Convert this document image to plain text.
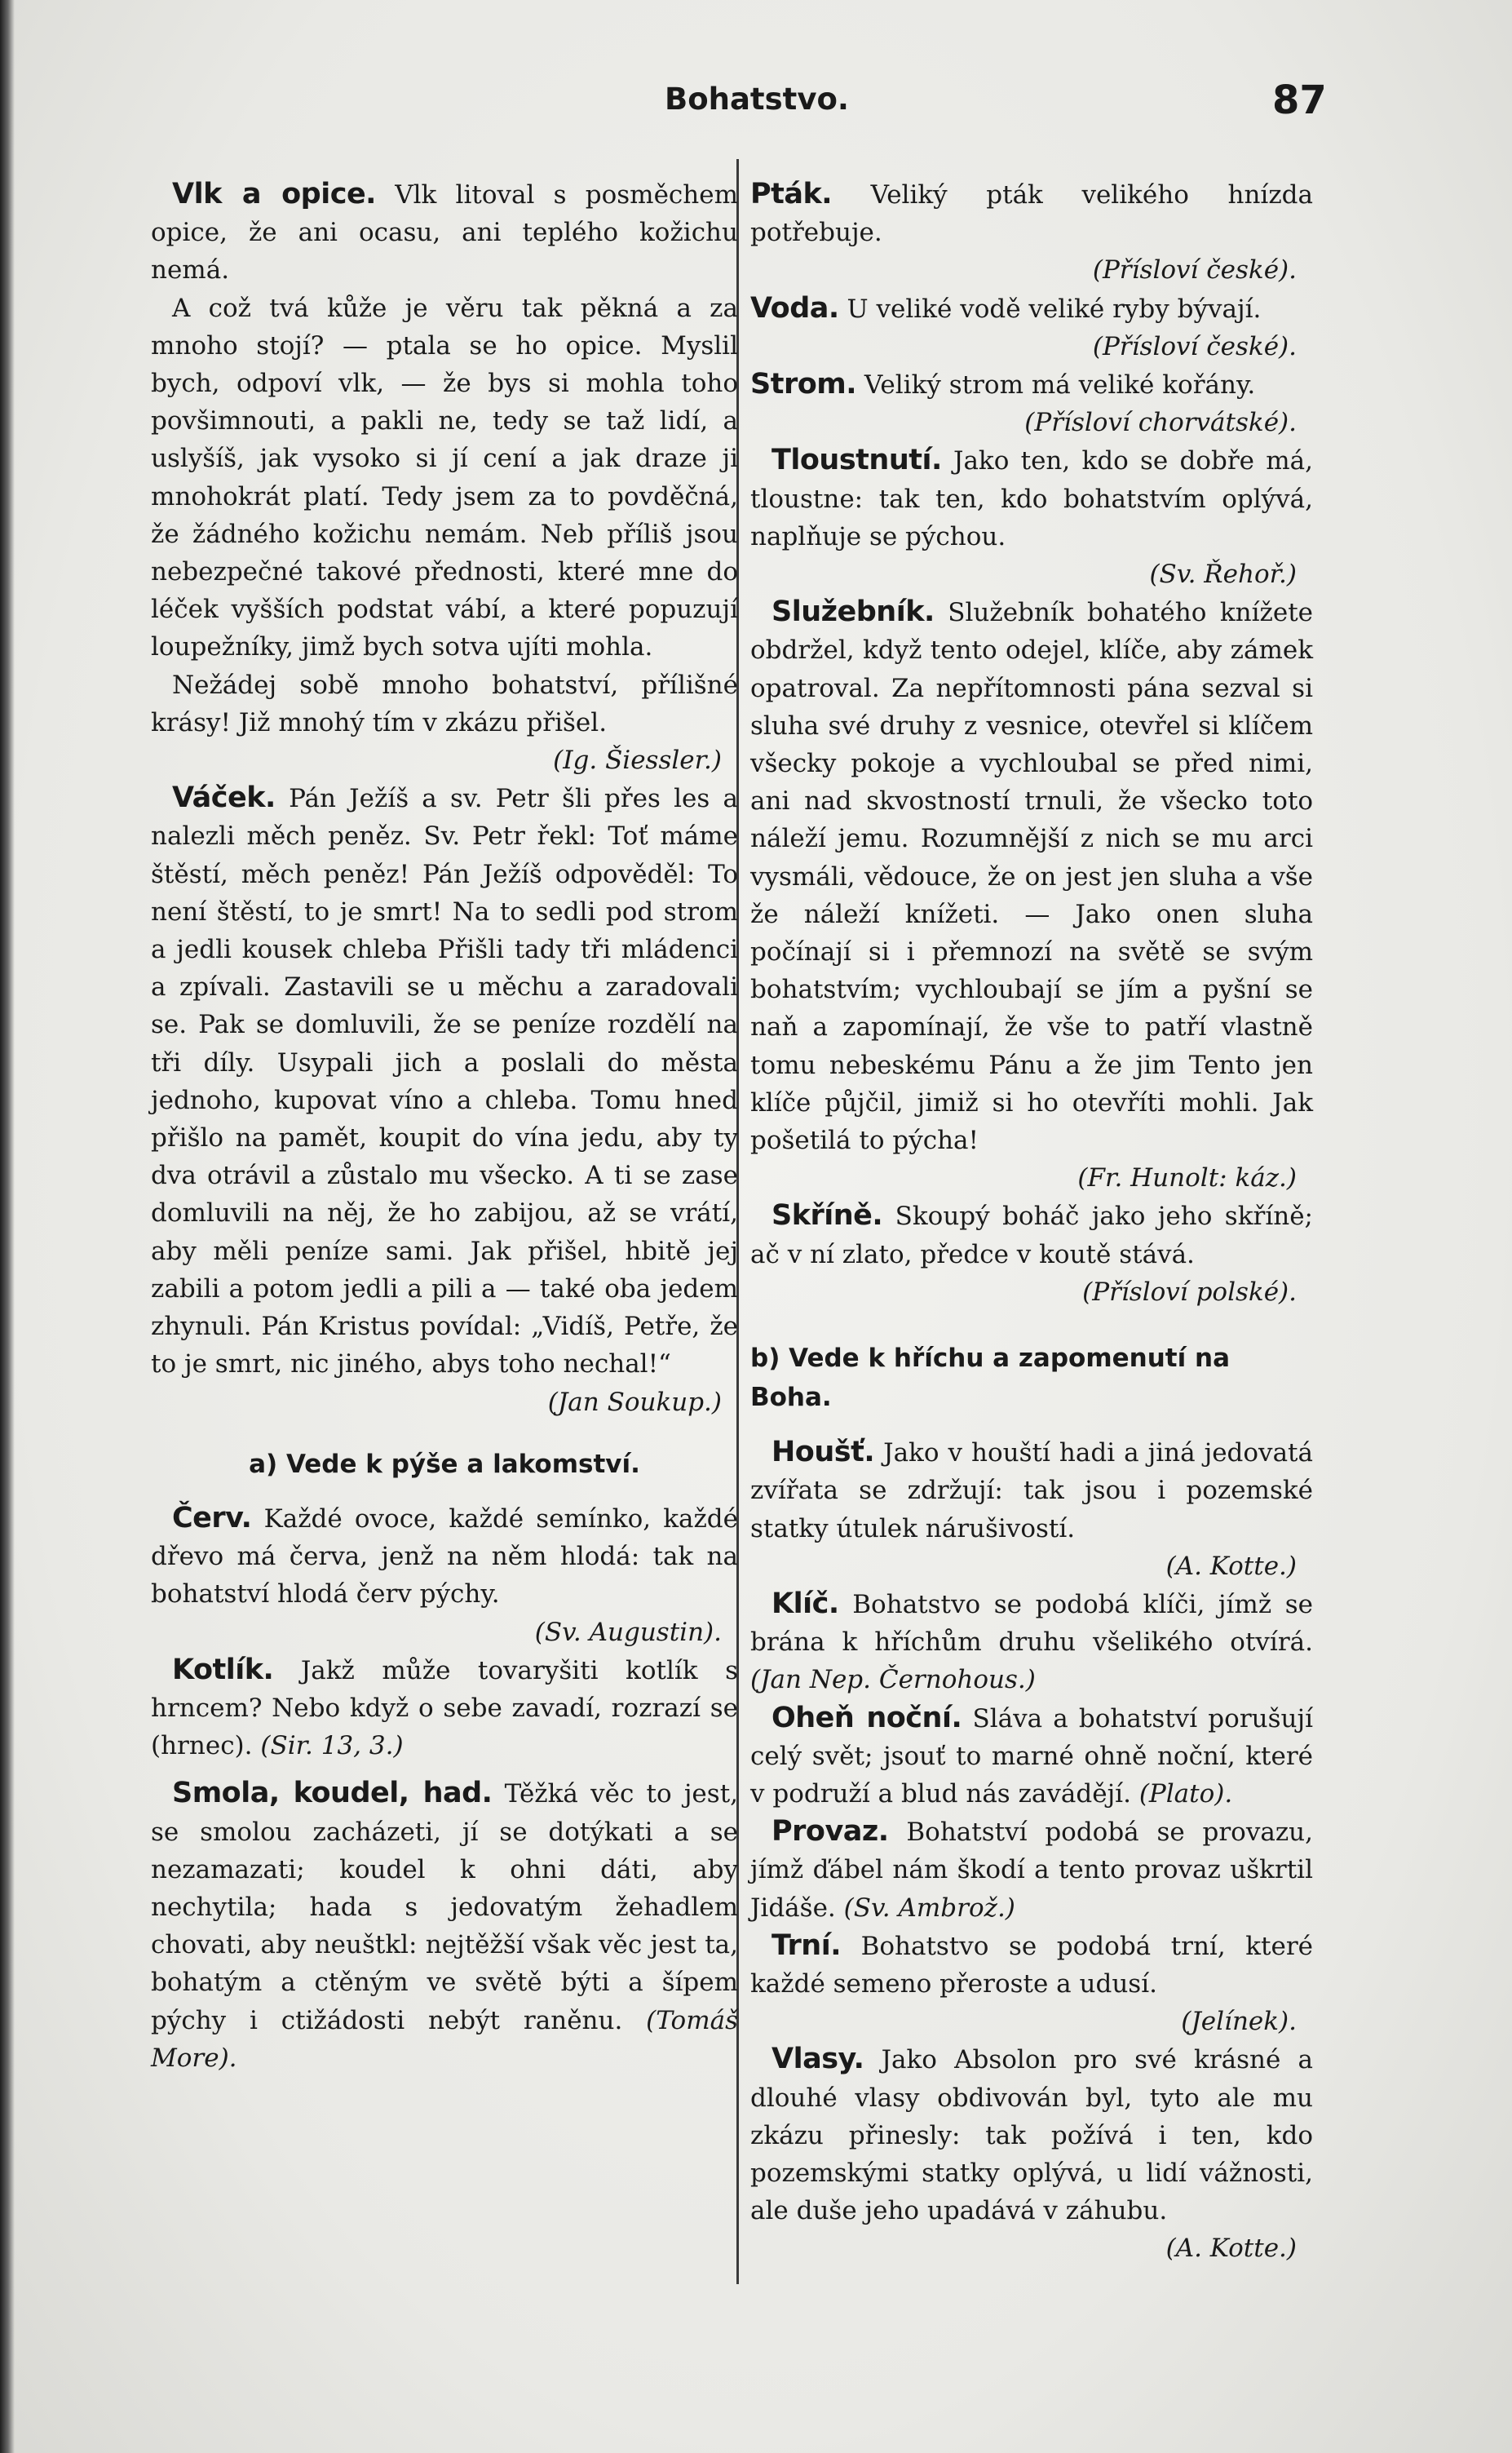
Bohatstvo.	87

Vlk a opice. Vlk litoval s posměchem opice, že ani ocasu, ani teplého kožichu nemá.

A což tvá kůže je věru tak pěkná a za mnoho stojí? — ptala se ho opice. Myslil bych, odpoví vlk, — že bys si mohla toho povšimnouti, a pakli ne, tedy se taž lidí, a uslyšíš, jak vysoko si jí cení a jak draze ji mnohokrát platí. Tedy jsem za to povděčná, že žádného kožichu nemám. Neb příliš jsou nebezpečné takové přednosti, které mne do léček vyšších podstat vábí, a které popuzují loupežníky, jimž bych sotva ujíti mohla.

Nežádej sobě mnoho bohatství, přílišné krásy! Již mnohý tím v zkázu přišel.

(Ig. Šiessler.)

Váček. Pán Ježíš a sv. Petr šli přes les a nalezli měch peněz. Sv. Petr řekl: Toť máme štěstí, měch peněz! Pán Ježíš odpověděl: To není štěstí, to je smrt! Na to sedli pod strom a jedli kousek chleba Přišli tady tři mládenci a zpívali. Zastavili se u měchu a zaradovali se. Pak se domluvili, že se peníze rozdělí na tři díly. Usypali jich a poslali do města jednoho, kupovat víno a chleba. Tomu hned přišlo na pamět, koupit do vína jedu, aby ty dva otrávil a zůstalo mu všecko. A ti se zase domluvili na něj, že ho zabijou, až se vrátí, aby měli peníze sami. Jak přišel, hbitě jej zabili a potom jedli a pili a — také oba jedem zhynuli. Pán Kristus povídal: „Vidíš, Petře, že to je smrt, nic jiného, abys toho nechal!“

(Jan Soukup.)

a) Vede k pýše a lakomství.

Červ. Každé ovoce, každé semínko, každé dřevo má červa, jenž na něm hlodá: tak na bohatství hlodá červ pýchy.

(Sv. Augustin).

Kotlík. Jakž může tovaryšiti kotlík s hrncem? Nebo když o sebe zavadí, rozrazí se (hrnec). (Sir. 13, 3.)

Smola, koudel, had. Těžká věc to jest, se smolou zacházeti, jí se dotýkati a se nezamazati; koudel k ohni dáti, aby nechytila; hada s jedovatým žehadlem chovati, aby neuštkl: nejtěžší však věc jest ta, bohatým a ctěným ve světě býti a šípem pýchy i ctižádosti nebýt raněnu. (Tomáš More).

Pták. Veliký pták velikého hnízda potřebuje.

(Přísloví české).

Voda. U veliké vodě veliké ryby bývají.

(Přísloví české).

Strom. Veliký strom má veliké kořány.

(Přísloví chorvátské).

Tloustnutí. Jako ten, kdo se dobře má, tloustne: tak ten, kdo bohatstvím oplývá, naplňuje se pýchou.

(Sv. Řehoř.)

Služebník. Služebník bohatého knížete obdržel, když tento odejel, klíče, aby zámek opatroval. Za nepřítomnosti pána sezval si sluha své druhy z vesnice, otevřel si klíčem všecky pokoje a vychloubal se před nimi, ani nad skvostností trnuli, že všecko toto náleží jemu. Rozumnější z nich se mu arci vysmáli, vědouce, že on jest jen sluha a vše že náleží knížeti. — Jako onen sluha počínají si i přemnozí na světě se svým bohatstvím; vychloubají se jím a pyšní se naň a zapomínají, že vše to patří vlastně tomu nebeskému Pánu a že jim Tento jen klíče půjčil, jimiž si ho otevříti mohli. Jak pošetilá to pýcha!

(Fr. Hunolt: káz.)

Skříně. Skoupý boháč jako jeho skříně; ač v ní zlato, předce v koutě stává.

(Přísloví polské).

b) Vede k hříchu a zapomenutí na Boha.

Houšť. Jako v houští hadi a jiná jedovatá zvířata se zdržují: tak jsou i pozemské statky útulek nárušivostí.

(A. Kotte.)

Klíč. Bohatstvo se podobá klíči, jímž se brána k hříchům druhu všelikého otvírá. (Jan Nep. Černohous.)

Oheň noční. Sláva a bohatství porušují celý svět; jsouť to marné ohně noční, které v podruží a blud nás zavádějí. (Plato).

Provaz. Bohatství podobá se provazu, jímž ďábel nám škodí a tento provaz uškrtil Jidáše. (Sv. Ambrož.)

Trní. Bohatstvo se podobá trní, které každé semeno přeroste a udusí.

(Jelínek).

Vlasy. Jako Absolon pro své krásné a dlouhé vlasy obdivován byl, tyto ale mu zkázu přinesly: tak požívá i ten, kdo pozemskými statky oplývá, u lidí vážnosti, ale duše jeho upadává v záhubu.

(A. Kotte.)
